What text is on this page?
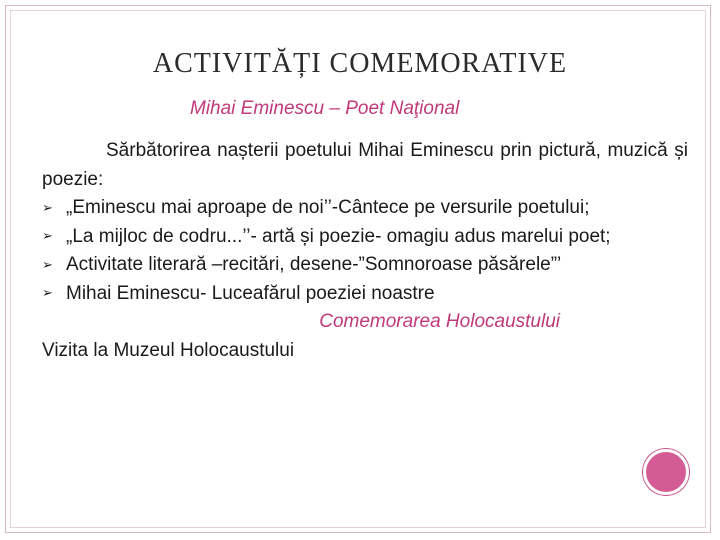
ACTIVITĂȚI COMEMORATIVE

Mihai Eminescu – Poet Naţional

Sărbătorirea nașterii poetului Mihai Eminescu prin pictură, muzică și poezie:

➢ „Eminescu mai aproape de noi’’-Cântece pe versurile poetului;
➢ „La mijloc de codru...’’- artă și poezie- omagiu adus marelui poet;
➢ Activitate literară –recitări, desene-”Somnoroase păsărele”’
➢ Mihai Eminescu- Luceafărul poeziei noastre

Comemorarea Holocaustului

Vizita la Muzeul Holocaustului
